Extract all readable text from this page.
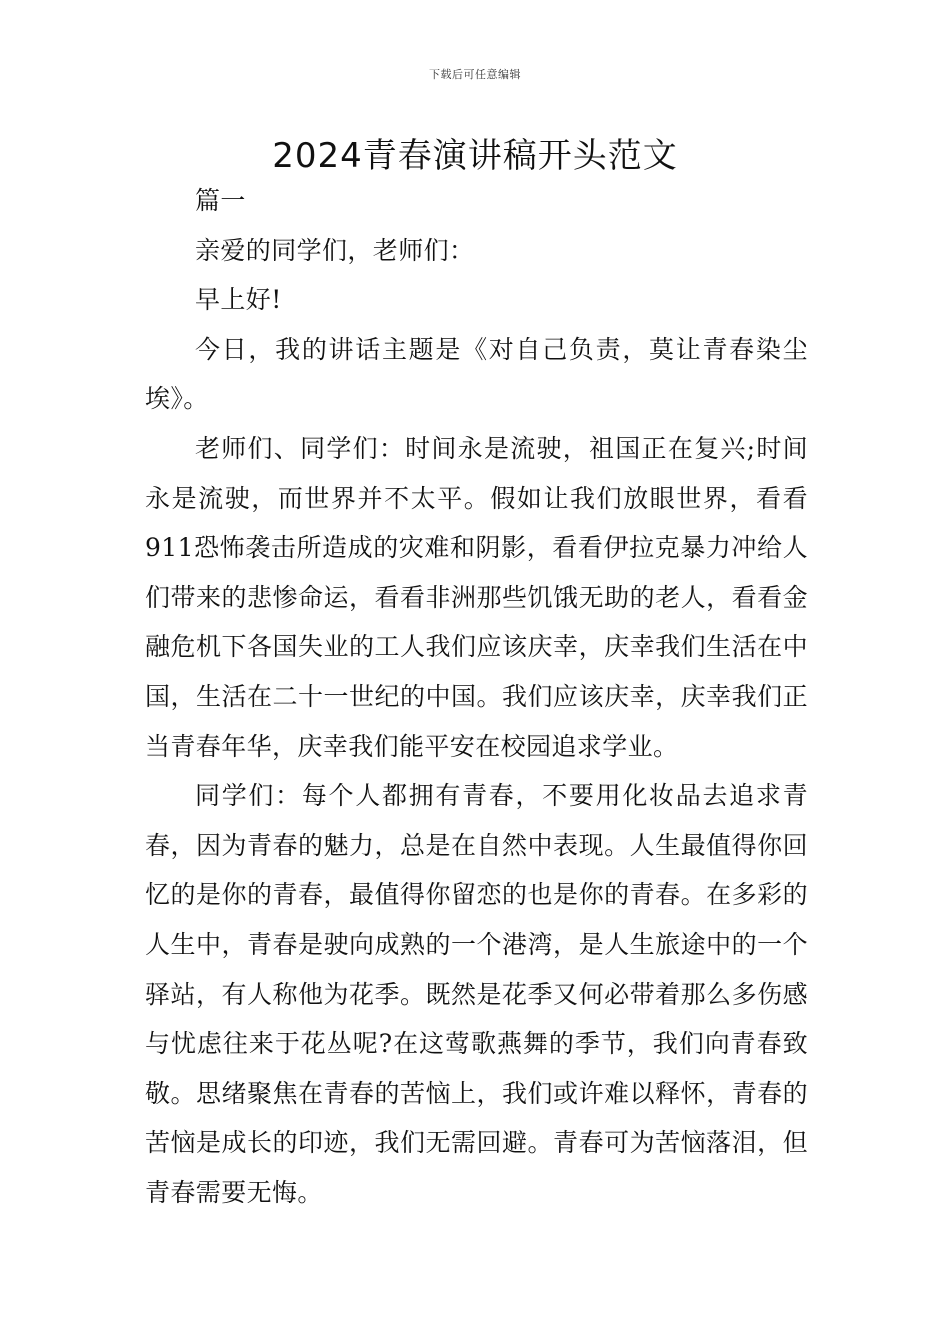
下载后可任意编辑
2024青春演讲稿开头范文

篇一

亲爱的同学们，老师们：

早上好!

今日，我的讲话主题是《对自己负责，莫让青春染尘埃》。

老师们、同学们：时间永是流驶，祖国正在复兴;时间永是流驶，而世界并不太平。假如让我们放眼世界，看看911恐怖袭击所造成的灾难和阴影，看看伊拉克暴力冲给人们带来的悲惨命运，看看非洲那些饥饿无助的老人，看看金融危机下各国失业的工人我们应该庆幸，庆幸我们生活在中国，生活在二十一世纪的中国。我们应该庆幸，庆幸我们正当青春年华，庆幸我们能平安在校园追求学业。

同学们：每个人都拥有青春，不要用化妆品去追求青春，因为青春的魅力，总是在自然中表现。人生最值得你回忆的是你的青春，最值得你留恋的也是你的青春。在多彩的人生中，青春是驶向成熟的一个港湾，是人生旅途中的一个驿站，有人称他为花季。既然是花季又何必带着那么多伤感与忧虑往来于花丛呢?在这莺歌燕舞的季节，我们向青春致敬。思绪聚焦在青春的苦恼上，我们或许难以释怀，青春的苦恼是成长的印迹，我们无需回避。青春可为苦恼落泪，但青春需要无悔。
